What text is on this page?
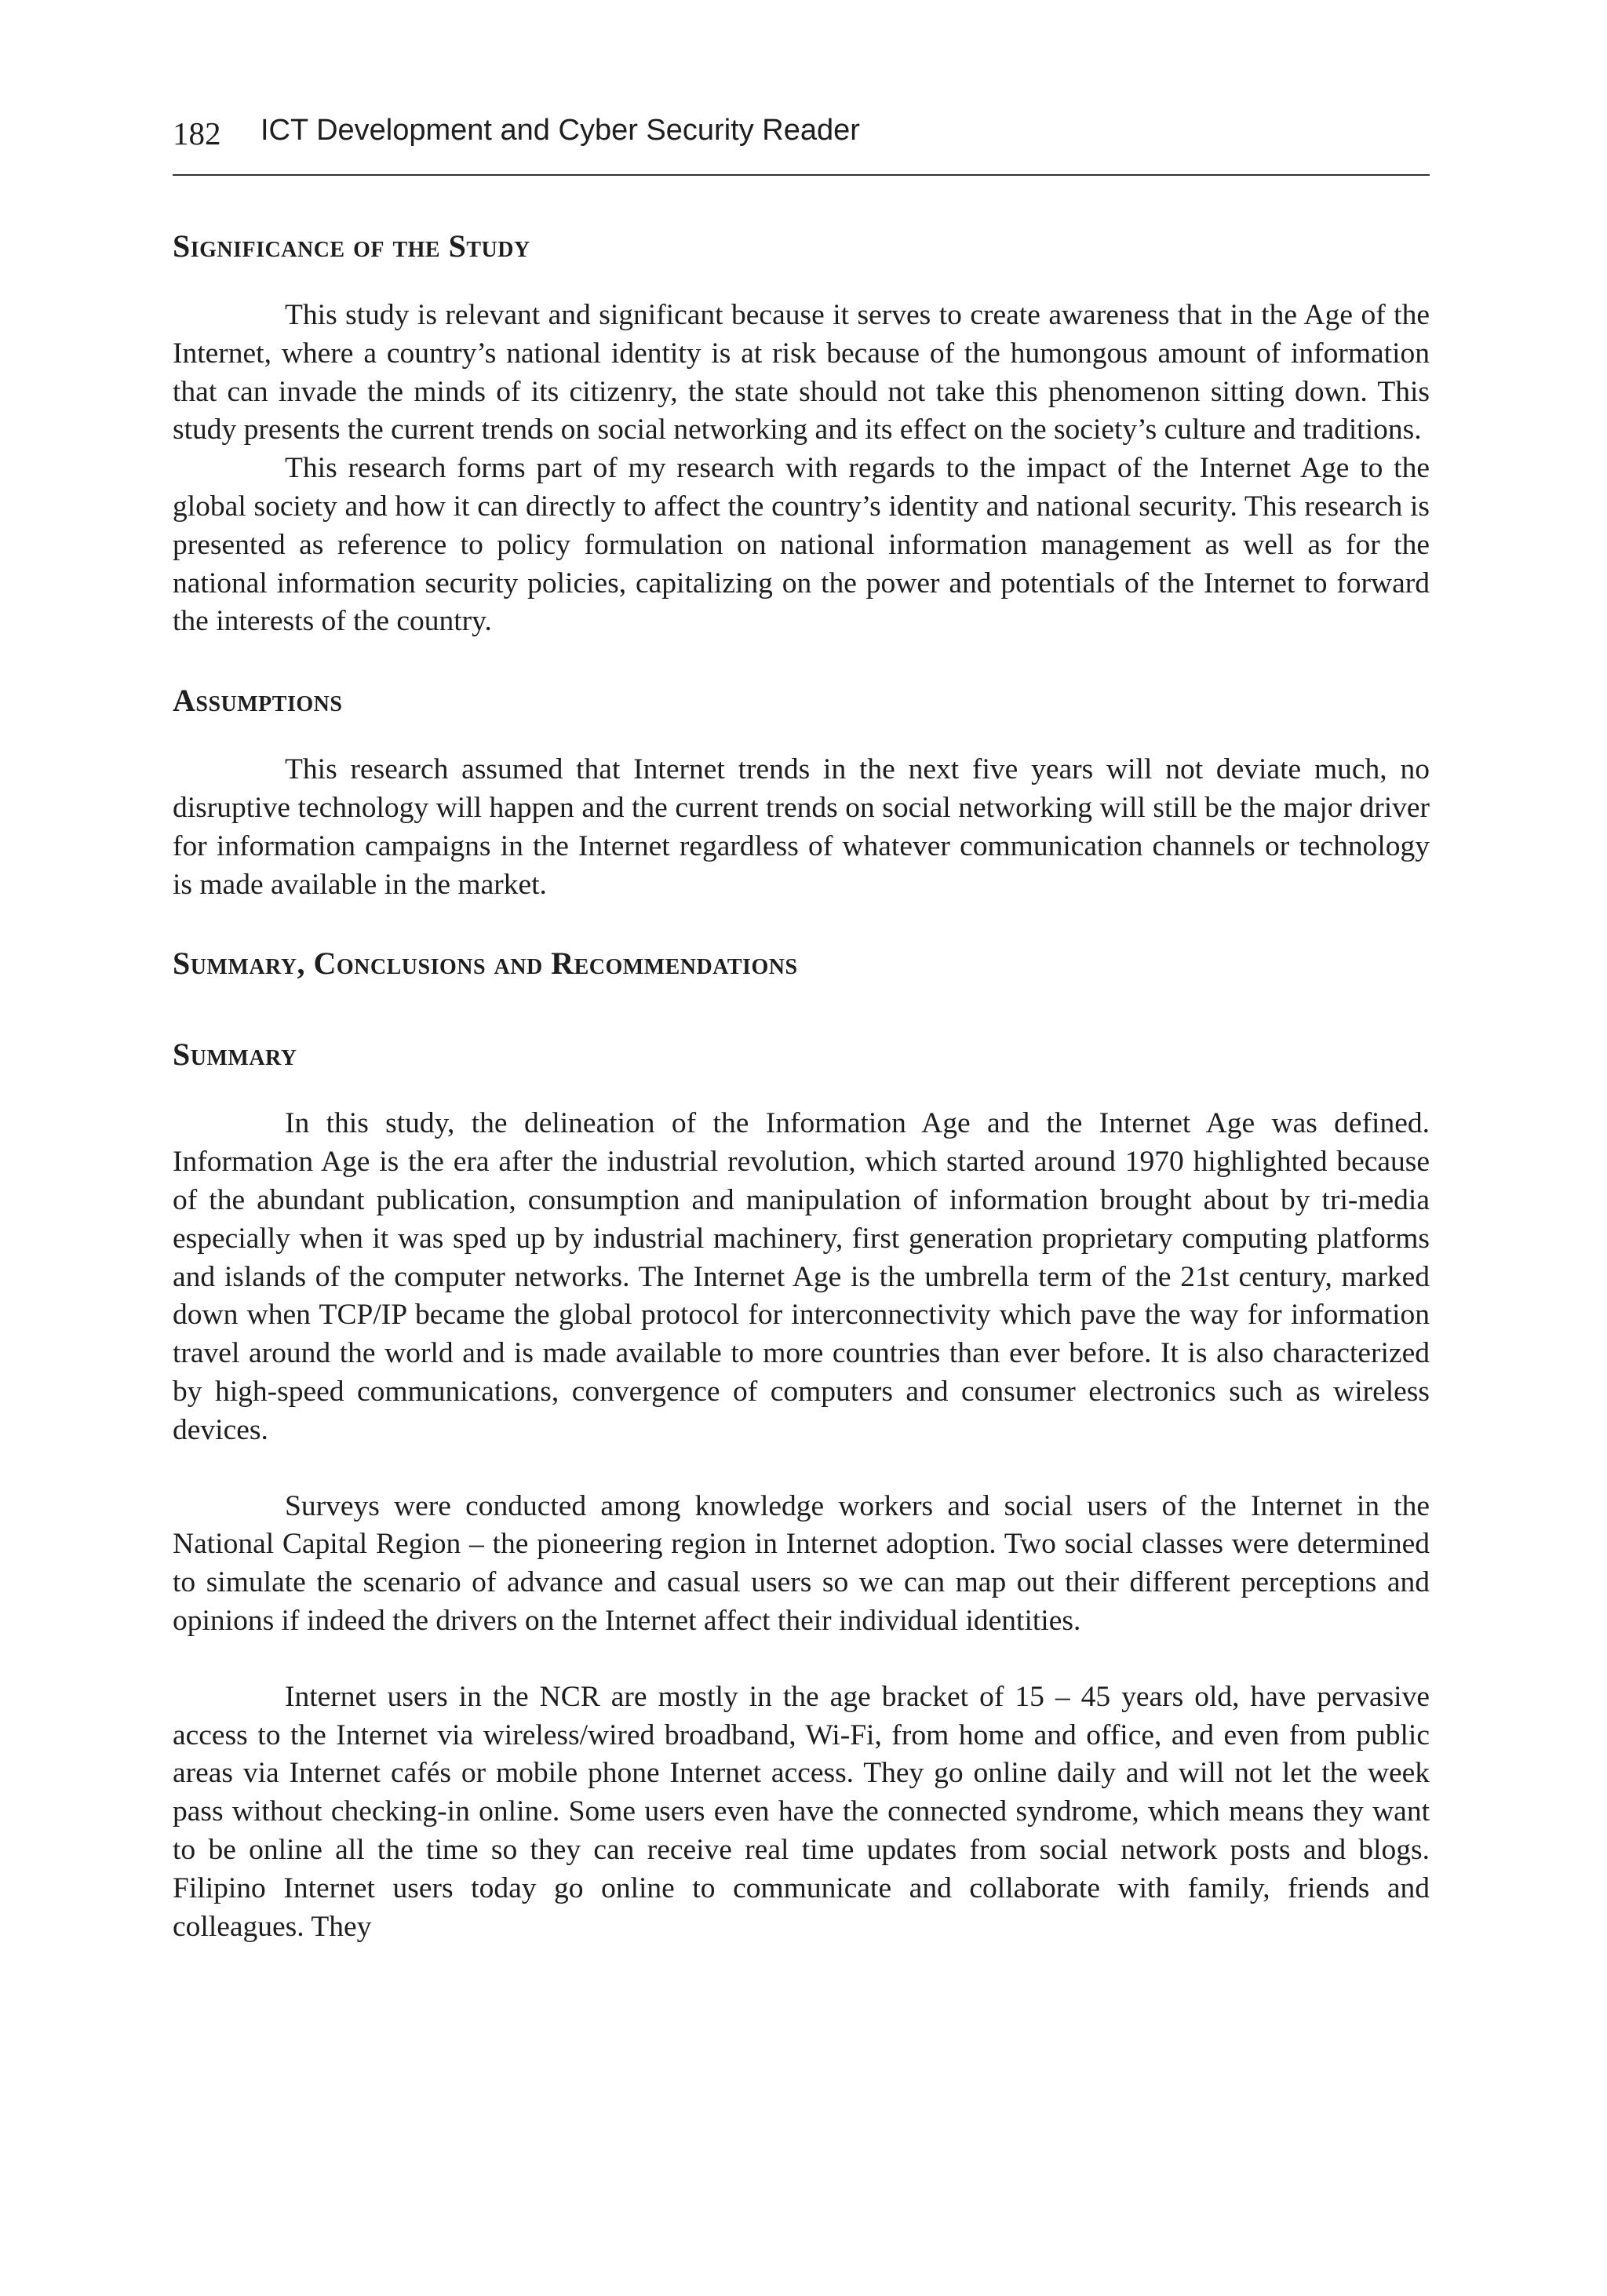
182 ICT Development and Cyber Security Reader
Significance of the Study

This study is relevant and significant because it serves to create awareness that in the Age of the Internet, where a country’s national identity is at risk because of the humongous amount of information that can invade the minds of its citizenry, the state should not take this phenomenon sitting down. This study presents the current trends on social networking and its effect on the society’s culture and traditions.

This research forms part of my research with regards to the impact of the Internet Age to the global society and how it can directly to affect the country’s identity and national security. This research is presented as reference to policy formulation on national information management as well as for the national information security policies, capitalizing on the power and potentials of the Internet to forward the interests of the country.

Assumptions

This research assumed that Internet trends in the next five years will not deviate much, no disruptive technology will happen and the current trends on social networking will still be the major driver for information campaigns in the Internet regardless of whatever communication channels or technology is made available in the market.

Summary, Conclusions and Recommendations
Summary

In this study, the delineation of the Information Age and the Internet Age was defined. Information Age is the era after the industrial revolution, which started around 1970 highlighted because of the abundant publication, consumption and manipulation of information brought about by tri-media especially when it was sped up by industrial machinery, first generation proprietary computing platforms and islands of the computer networks. The Internet Age is the umbrella term of the 21st century, marked down when TCP/IP became the global protocol for interconnectivity which pave the way for information travel around the world and is made available to more countries than ever before. It is also characterized by high-speed communications, convergence of computers and consumer electronics such as wireless devices.

Surveys were conducted among knowledge workers and social users of the Internet in the National Capital Region – the pioneering region in Internet adoption. Two social classes were determined to simulate the scenario of advance and casual users so we can map out their different perceptions and opinions if indeed the drivers on the Internet affect their individual identities.

Internet users in the NCR are mostly in the age bracket of 15 – 45 years old, have pervasive access to the Internet via wireless/wired broadband, Wi-Fi, from home and office, and even from public areas via Internet cafés or mobile phone Internet access. They go online daily and will not let the week pass without checking-in online. Some users even have the connected syndrome, which means they want to be online all the time so they can receive real time updates from social network posts and blogs. Filipino Internet users today go online to communicate and collaborate with family, friends and colleagues. They
